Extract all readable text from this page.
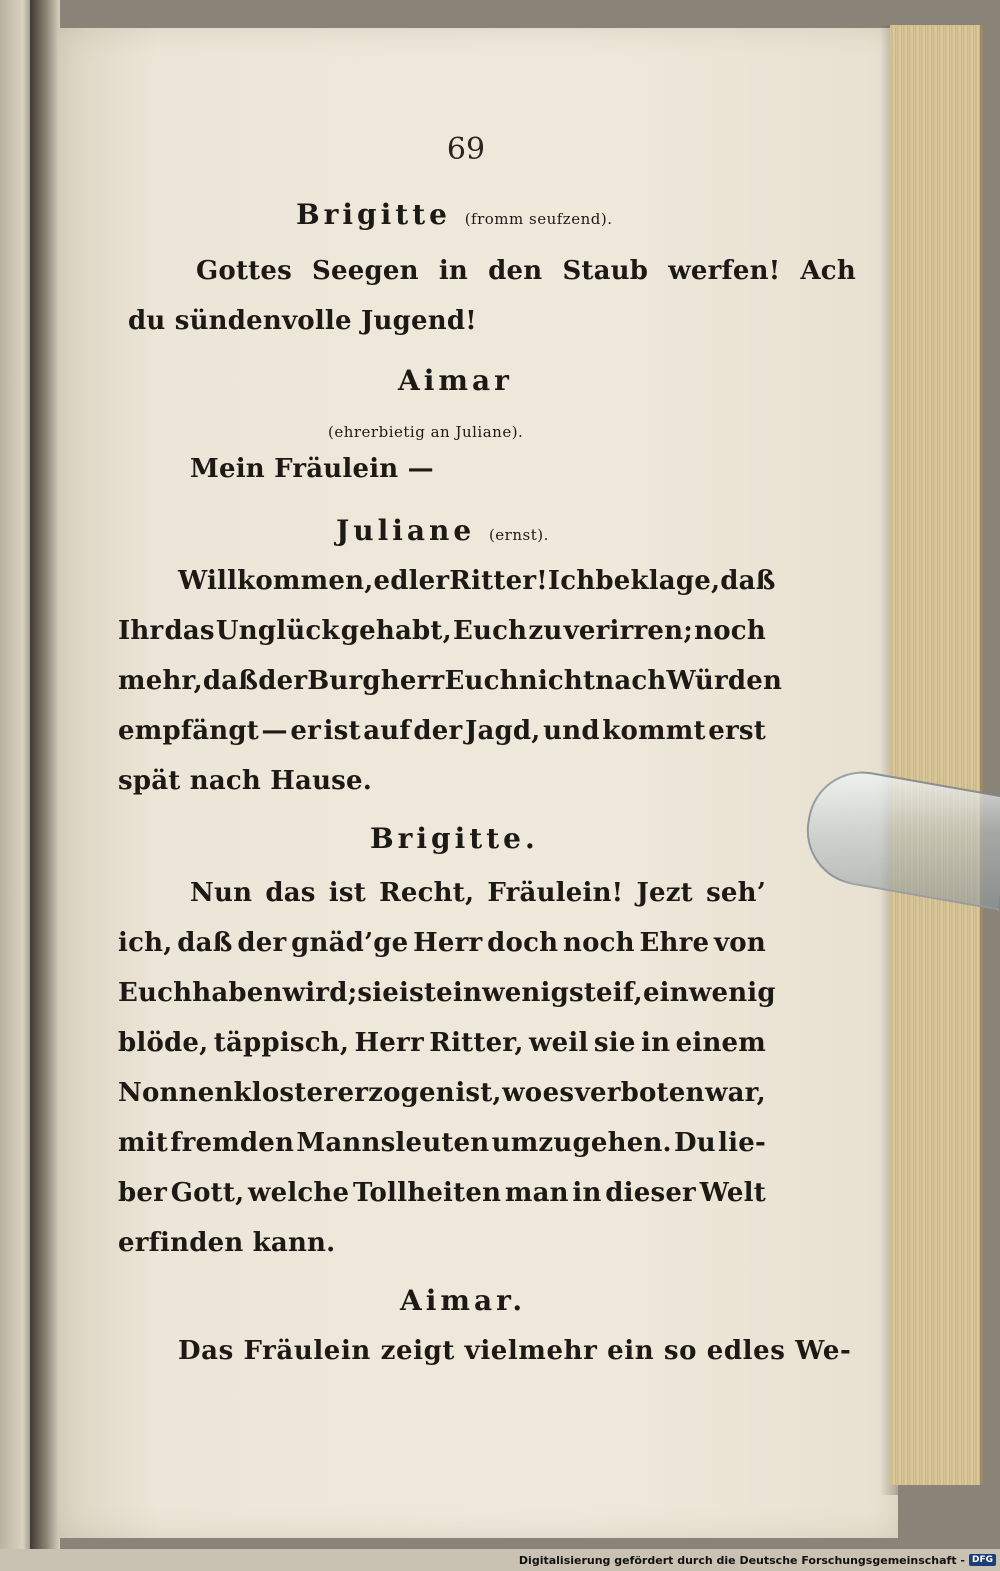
69
Brigitte (fromm seufzend).
Gottes Seegen in den Staub werfen! Ach
du sündenvolle Jugend!
Aimar
(ehrerbietig an Juliane).
Mein Fräulein —
Juliane (ernst).
Willkommen, edler Ritter! Ich beklage, daß
Ihr das Unglück gehabt, Euch zu verirren; noch
mehr, daß der Burgherr Euch nicht nach Würden
empfängt — er ist auf der Jagd, und kommt erst
spät nach Hause.
Brigitte.
Nun das ist Recht, Fräulein! Jezt seh’
ich, daß der gnäd’ge Herr doch noch Ehre von
Euch haben wird; sie ist ein wenig steif, ein wenig
blöde, täppisch, Herr Ritter, weil sie in einem
Nonnenkloster erzogen ist, wo es verboten war,
mit fremden Mannsleuten umzugehen. Du lie-
ber Gott, welche Tollheiten man in dieser Welt
erfinden kann.
Aimar.
Das Fräulein zeigt vielmehr ein so edles We-
Digitalisierung gefördert durch die Deutsche Forschungsgemeinschaft - DFG
